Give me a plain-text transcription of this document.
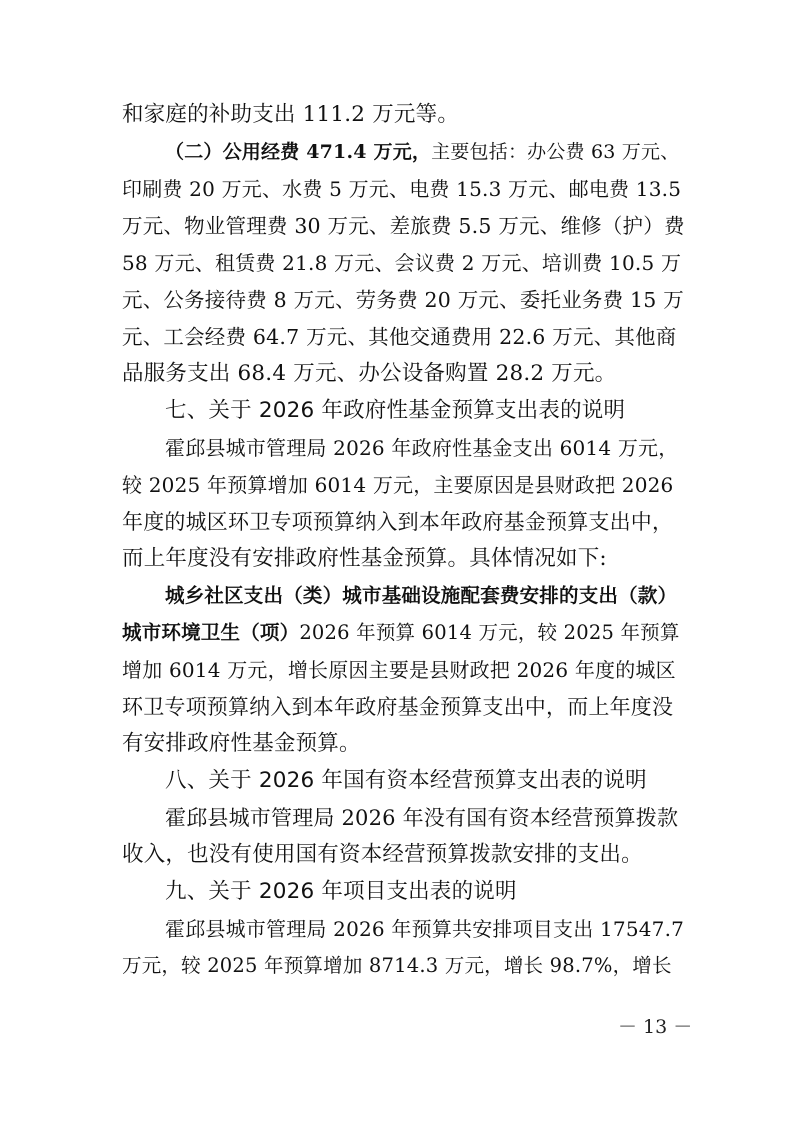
和家庭的补助支出 111.2 万元等。
（二）公用经费 471.4 万元，主要包括：办公费 63 万元、
印刷费 20 万元、水费 5 万元、电费 15.3 万元、邮电费 13.5
万元、物业管理费 30 万元、差旅费 5.5 万元、维修（护）费
58 万元、租赁费 21.8 万元、会议费 2 万元、培训费 10.5 万
元、公务接待费 8 万元、劳务费 20 万元、委托业务费 15 万
元、工会经费 64.7 万元、其他交通费用 22.6 万元、其他商
品服务支出 68.4 万元、办公设备购置 28.2 万元。
七、关于 2026 年政府性基金预算支出表的说明
霍邱县城市管理局 2026 年政府性基金支出 6014 万元，
较 2025 年预算增加 6014 万元，主要原因是县财政把 2026
年度的城区环卫专项预算纳入到本年政府基金预算支出中，
而上年度没有安排政府性基金预算。具体情况如下:
城乡社区支出（类）城市基础设施配套费安排的支出（款）
城市环境卫生（项）2026 年预算 6014 万元，较 2025 年预算
增加 6014 万元，增长原因主要是县财政把 2026 年度的城区
环卫专项预算纳入到本年政府基金预算支出中，而上年度没
有安排政府性基金预算。
八、关于 2026 年国有资本经营预算支出表的说明
霍邱县城市管理局 2026 年没有国有资本经营预算拨款
收入，也没有使用国有资本经营预算拨款安排的支出。
九、关于 2026 年项目支出表的说明
－ 13 －
霍邱县城市管理局 2026 年预算共安排项目支出 17547.7
万元，较 2025 年预算增加 8714.3 万元，增长 98.7%，增长
